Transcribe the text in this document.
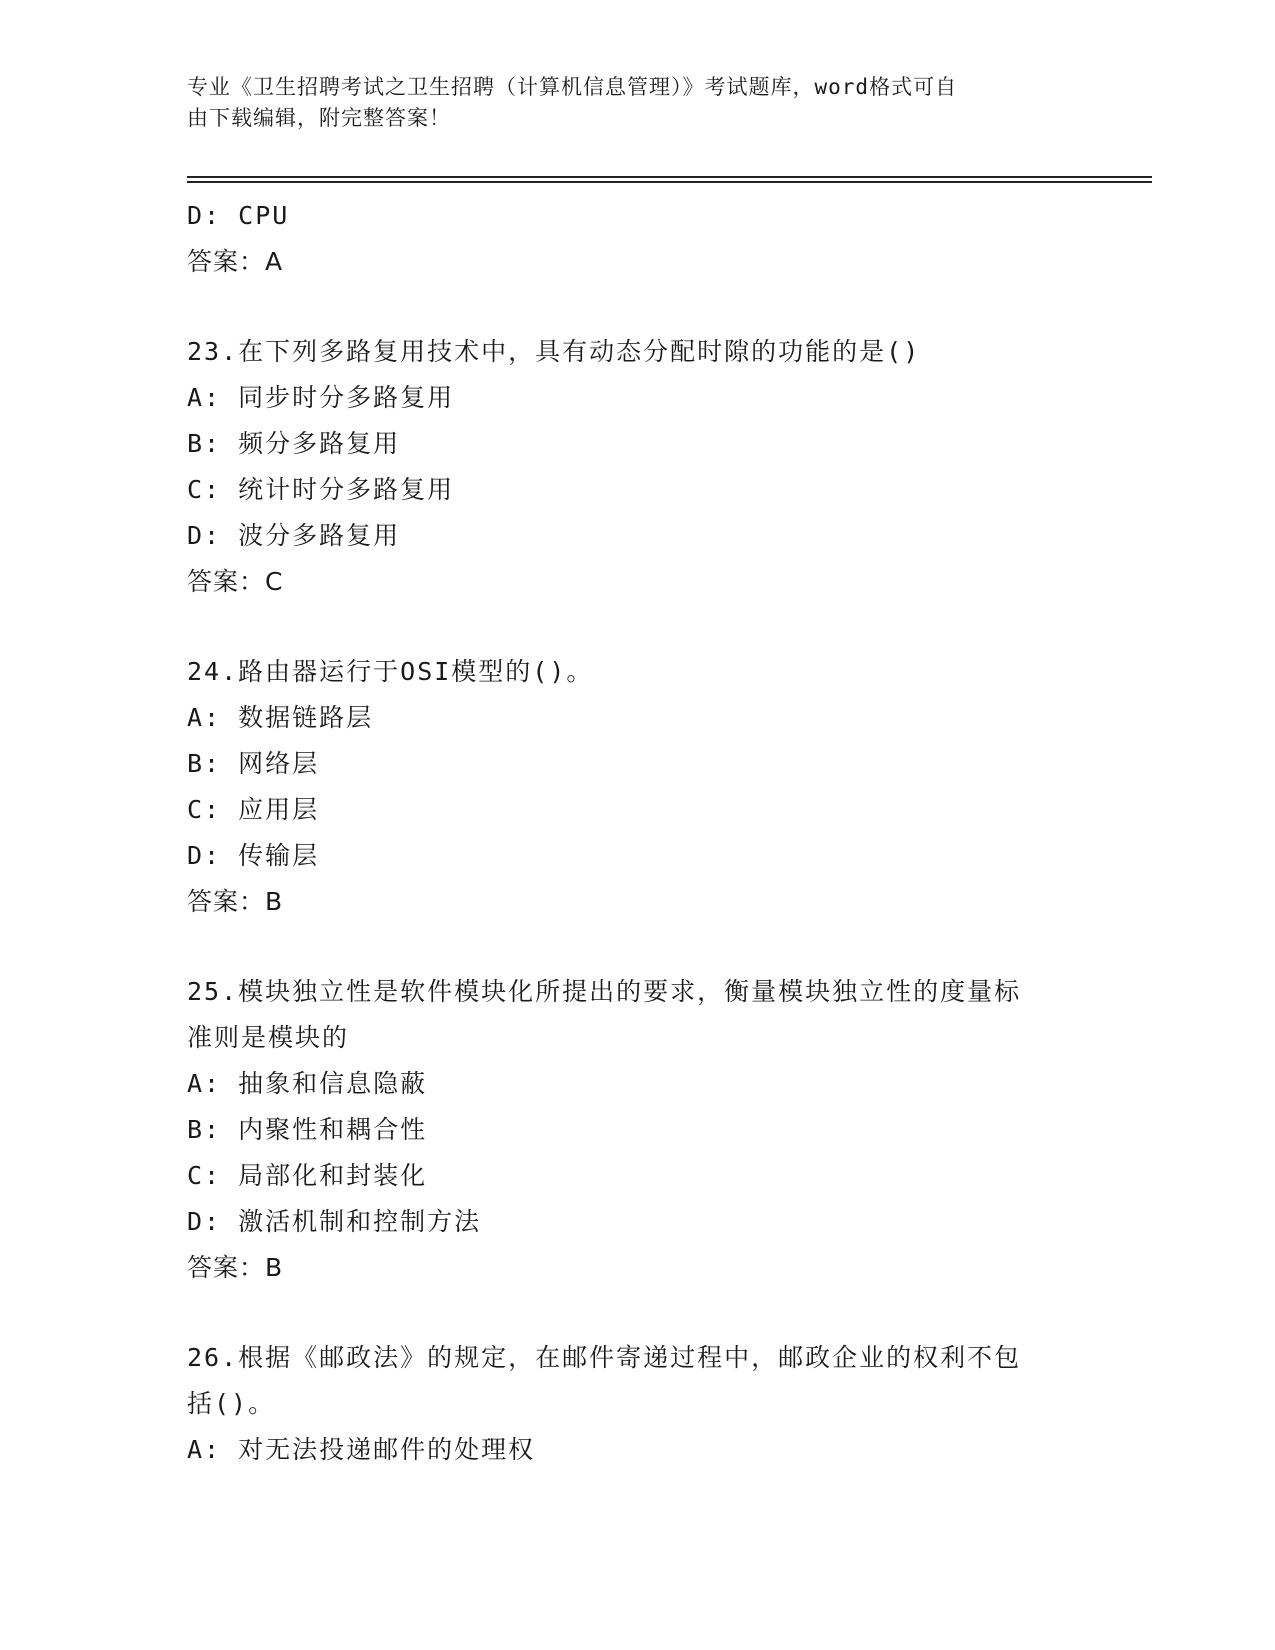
专业《卫生招聘考试之卫生招聘（计算机信息管理）》考试题库，word格式可自
由下载编辑，附完整答案！
D: CPU
答案：A
23.在下列多路复用技术中，具有动态分配时隙的功能的是()
A: 同步时分多路复用
B: 频分多路复用
C: 统计时分多路复用
D: 波分多路复用
答案：C
24.路由器运行于OSI模型的()。
A: 数据链路层
B: 网络层
C: 应用层
D: 传输层
答案：B
25.模块独立性是软件模块化所提出的要求，衡量模块独立性的度量标
准则是模块的
A: 抽象和信息隐蔽
B: 内聚性和耦合性
C: 局部化和封装化
D: 激活机制和控制方法
答案：B
26.根据《邮政法》的规定，在邮件寄递过程中，邮政企业的权利不包
括()。
A: 对无法投递邮件的处理权
